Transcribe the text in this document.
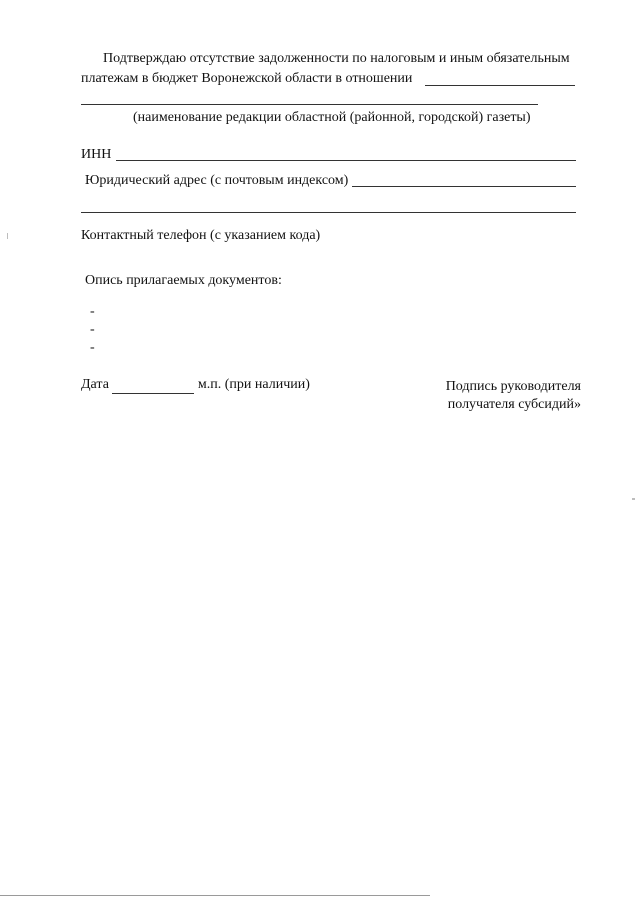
Подтверждаю отсутствие задолженности по налоговым и иным обязательным
платежам в бюджет Воронежской области в отношении
(наименование редакции областной (районной, городской) газеты)
ИНН
Юридический адрес (с почтовым индексом)
Контактный телефон (с указанием кода)
Опись прилагаемых документов:
-
-
-
Дата	м.п. (при наличии)	Подпись руководителя
получателя субсидий»
